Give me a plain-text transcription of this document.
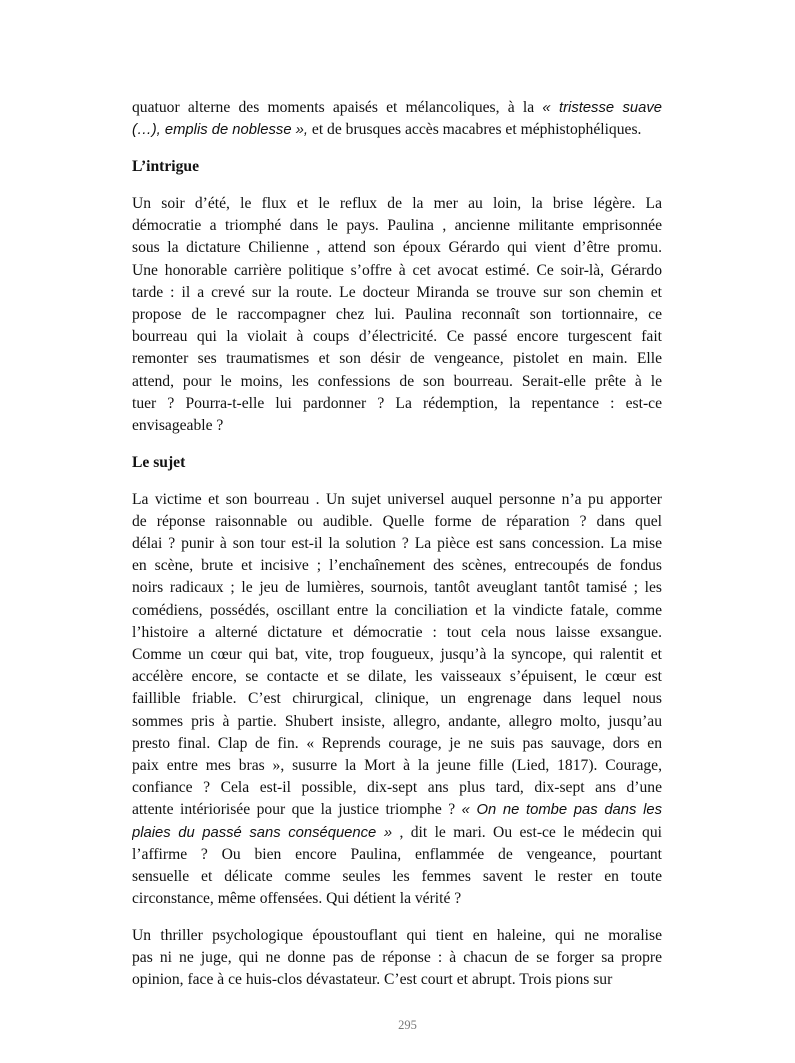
quatuor alterne des moments apaisés et mélancoliques, à la « tristesse suave
(…), emplis de noblesse », et de brusques accès macabres et méphistophéliques.
L’intrigue
Un soir d’été, le flux et le reflux de la mer au loin, la brise légère. La
démocratie a triomphé dans le pays. Paulina , ancienne militante emprisonnée
sous la dictature Chilienne , attend son époux Gérardo qui vient d’être promu.
Une honorable carrière politique s’offre à cet avocat estimé. Ce soir-là, Gérardo
tarde : il a crevé sur la route. Le docteur Miranda se trouve sur son chemin et
propose de le raccompagner chez lui. Paulina reconnaît son tortionnaire, ce
bourreau qui la violait à coups d’électricité. Ce passé encore turgescent fait
remonter ses traumatismes et son désir de vengeance, pistolet en main. Elle
attend, pour le moins, les confessions de son bourreau. Serait-elle prête à le
tuer ? Pourra-t-elle lui pardonner ? La rédemption, la repentance : est-ce
envisageable ?
Le sujet
La victime et son bourreau . Un sujet universel auquel personne n’a pu apporter
de réponse raisonnable ou audible. Quelle forme de réparation ? dans quel
délai ? punir à son tour est-il la solution ? La pièce est sans concession. La mise
en scène, brute et incisive ; l’enchaînement des scènes, entrecoupés de fondus
noirs radicaux ; le jeu de lumières, sournois, tantôt aveuglant tantôt tamisé ; les
comédiens, possédés, oscillant entre la conciliation et la vindicte fatale, comme
l’histoire a alterné dictature et démocratie : tout cela nous laisse exsangue.
Comme un cœur qui bat, vite, trop fougueux, jusqu’à la syncope, qui ralentit et
accélère encore, se contacte et se dilate, les vaisseaux s’épuisent, le cœur est
faillible friable. C’est chirurgical, clinique, un engrenage dans lequel nous
sommes pris à partie. Shubert insiste, allegro, andante, allegro molto, jusqu’au
presto final. Clap de fin. « Reprends courage, je ne suis pas sauvage, dors en
paix entre mes bras », susurre la Mort à la jeune fille (Lied, 1817). Courage,
confiance ? Cela est-il possible, dix-sept ans plus tard, dix-sept ans d’une
attente intériorisée pour que la justice triomphe ? « On ne tombe pas dans les
plaies du passé sans conséquence » , dit le mari. Ou est-ce le médecin qui
l’affirme ? Ou bien encore Paulina, enflammée de vengeance, pourtant
sensuelle et délicate comme seules les femmes savent le rester en toute
circonstance, même offensées. Qui détient la vérité ?
Un thriller psychologique époustouflant qui tient en haleine, qui ne moralise
pas ni ne juge, qui ne donne pas de réponse : à chacun de se forger sa propre
opinion, face à ce huis-clos dévastateur. C’est court et abrupt. Trois pions sur
295
